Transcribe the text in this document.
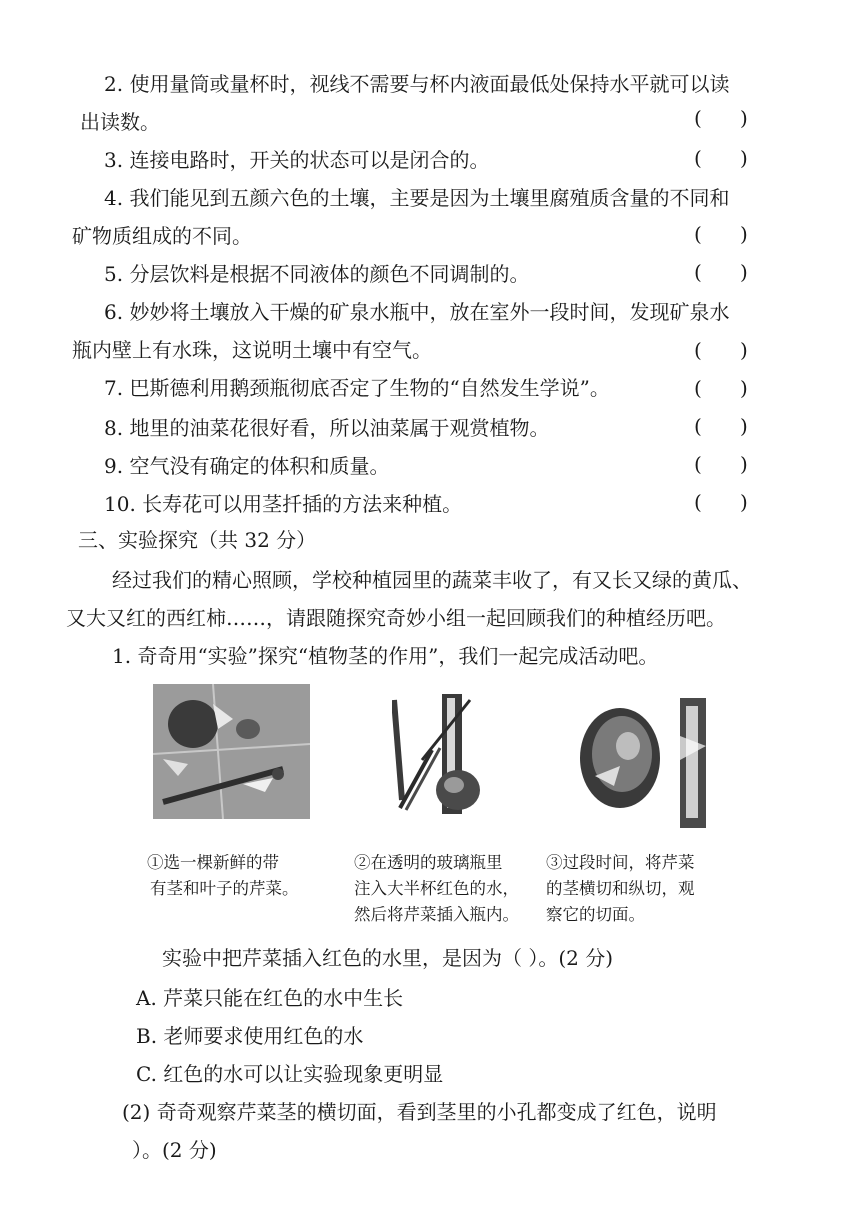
2. 使用量筒或量杯时，视线不需要与杯内液面最低处保持水平就可以读
出读数。	(      )
3. 连接电路时，开关的状态可以是闭合的。	(      )
4. 我们能见到五颜六色的土壤，主要是因为土壤里腐殖质含量的不同和
矿物质组成的不同。	(      )
5. 分层饮料是根据不同液体的颜色不同调制的。	(      )
6. 妙妙将土壤放入干燥的矿泉水瓶中，放在室外一段时间，发现矿泉水
瓶内壁上有水珠，这说明土壤中有空气。	(      )
7. 巴斯德利用鹅颈瓶彻底否定了生物的“自然发生学说”。	(      )
8. 地里的油菜花很好看，所以油菜属于观赏植物。	(      )
9. 空气没有确定的体积和质量。	(      )
10. 长寿花可以用茎扦插的方法来种植。	(      )
三、实验探究（共 32 分）
经过我们的精心照顾，学校种植园里的蔬菜丰收了，有又长又绿的黄瓜、
又大又红的西红柿……，请跟随探究奇妙小组一起回顾我们的种植经历吧。
1. 奇奇用“实验”探究“植物茎的作用”，我们一起完成活动吧。
①选一棵新鲜的带
有茎和叶子的芹菜。
②在透明的玻璃瓶里
注入大半杯红色的水，
然后将芹菜插入瓶内。
③过段时间，将芹菜
的茎横切和纵切，观
察它的切面。
实验中把芹菜插入红色的水里，是因为（ ）。(2 分)
A. 芹菜只能在红色的水中生长
B. 老师要求使用红色的水
C. 红色的水可以让实验现象更明显
(2) 奇奇观察芹菜茎的横切面，看到茎里的小孔都变成了红色，说明
）。(2 分)
